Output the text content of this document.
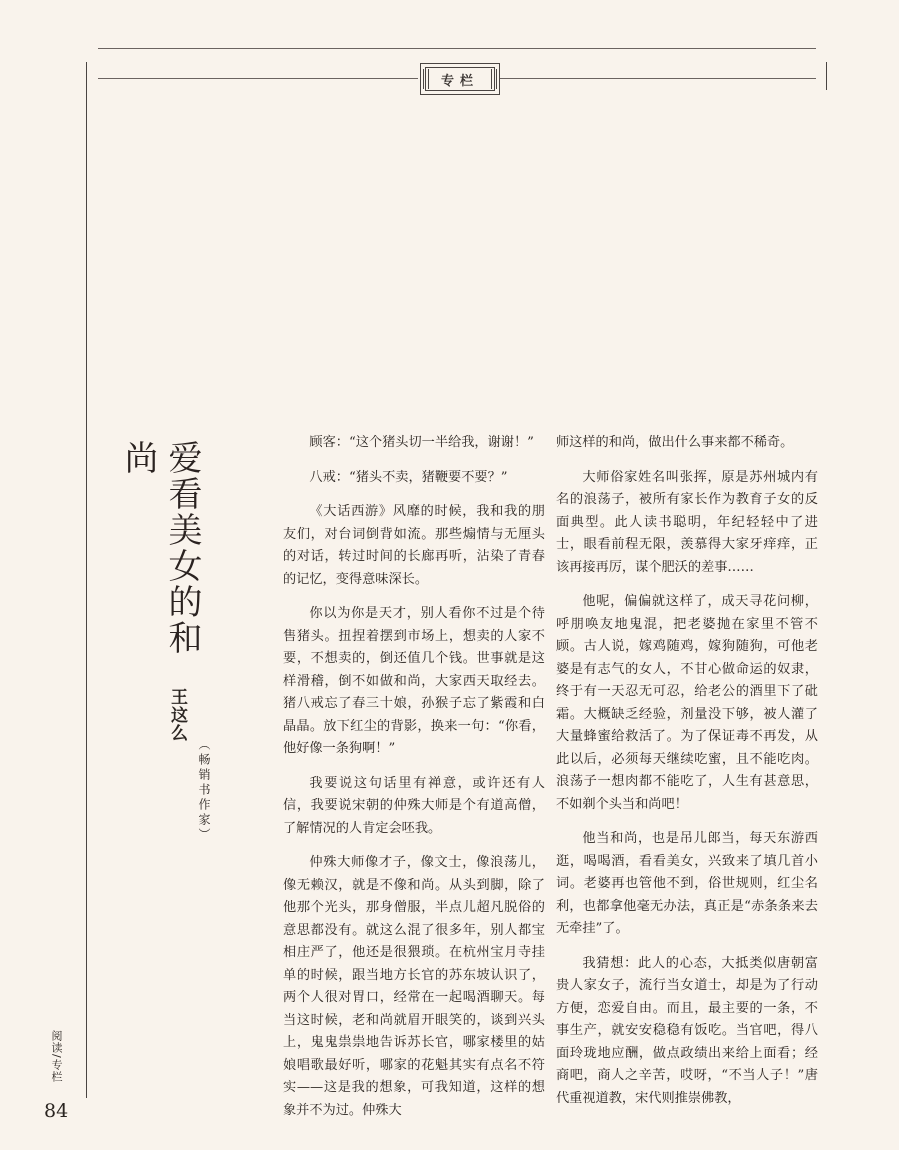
专栏
爱看美女的和尚
王这么
（畅销书作家）

顾客：“这个猪头切一半给我，谢谢！”

八戒：“猪头不卖，猪鞭要不要？”

《大话西游》风靡的时候，我和我的朋友们，对台词倒背如流。那些煽情与无厘头的对话，转过时间的长廊再听，沾染了青春的记忆，变得意味深长。

你以为你是天才，别人看你不过是个待售猪头。扭捏着摆到市场上，想卖的人家不要，不想卖的，倒还值几个钱。世事就是这样滑稽，倒不如做和尚，大家西天取经去。猪八戒忘了春三十娘，孙猴子忘了紫霞和白晶晶。放下红尘的背影，换来一句：“你看，他好像一条狗啊！”

我要说这句话里有禅意，或许还有人信，我要说宋朝的仲殊大师是个有道高僧，了解情况的人肯定会呸我。

仲殊大师像才子，像文士，像浪荡儿，像无赖汉，就是不像和尚。从头到脚，除了他那个光头，那身僧服，半点儿超凡脱俗的意思都没有。就这么混了很多年，别人都宝相庄严了，他还是很猥琐。在杭州宝月寺挂单的时候，跟当地方长官的苏东坡认识了，两个人很对胃口，经常在一起喝酒聊天。每当这时候，老和尚就眉开眼笑的，谈到兴头上，鬼鬼祟祟地告诉苏长官，哪家楼里的姑娘唱歌最好听，哪家的花魁其实有点名不符实——这是我的想象，可我知道，这样的想象并不为过。仲殊大

师这样的和尚，做出什么事来都不稀奇。

大师俗家姓名叫张挥，原是苏州城内有名的浪荡子，被所有家长作为教育子女的反面典型。此人读书聪明，年纪轻轻中了进士，眼看前程无限，羡慕得大家牙痒痒，正该再接再厉，谋个肥沃的差事……

他呢，偏偏就这样了，成天寻花问柳，呼朋唤友地鬼混，把老婆抛在家里不管不顾。古人说，嫁鸡随鸡，嫁狗随狗，可他老婆是有志气的女人，不甘心做命运的奴隶，终于有一天忍无可忍，给老公的酒里下了砒霜。大概缺乏经验，剂量没下够，被人灌了大量蜂蜜给救活了。为了保证毒不再发，从此以后，必须每天继续吃蜜，且不能吃肉。浪荡子一想肉都不能吃了，人生有甚意思，不如剃个头当和尚吧！

他当和尚，也是吊儿郎当，每天东游西逛，喝喝酒，看看美女，兴致来了填几首小词。老婆再也管他不到，俗世规则，红尘名利，也都拿他毫无办法，真正是“赤条条来去无牵挂”了。

我猜想：此人的心态，大抵类似唐朝富贵人家女子，流行当女道士，却是为了行动方便，恋爱自由。而且，最主要的一条，不事生产，就安安稳稳有饭吃。当官吧，得八面玲珑地应酬，做点政绩出来给上面看；经商吧，商人之辛苦，哎呀，“不当人子！”唐代重视道教，宋代则推崇佛教，

阅读/专栏
84
